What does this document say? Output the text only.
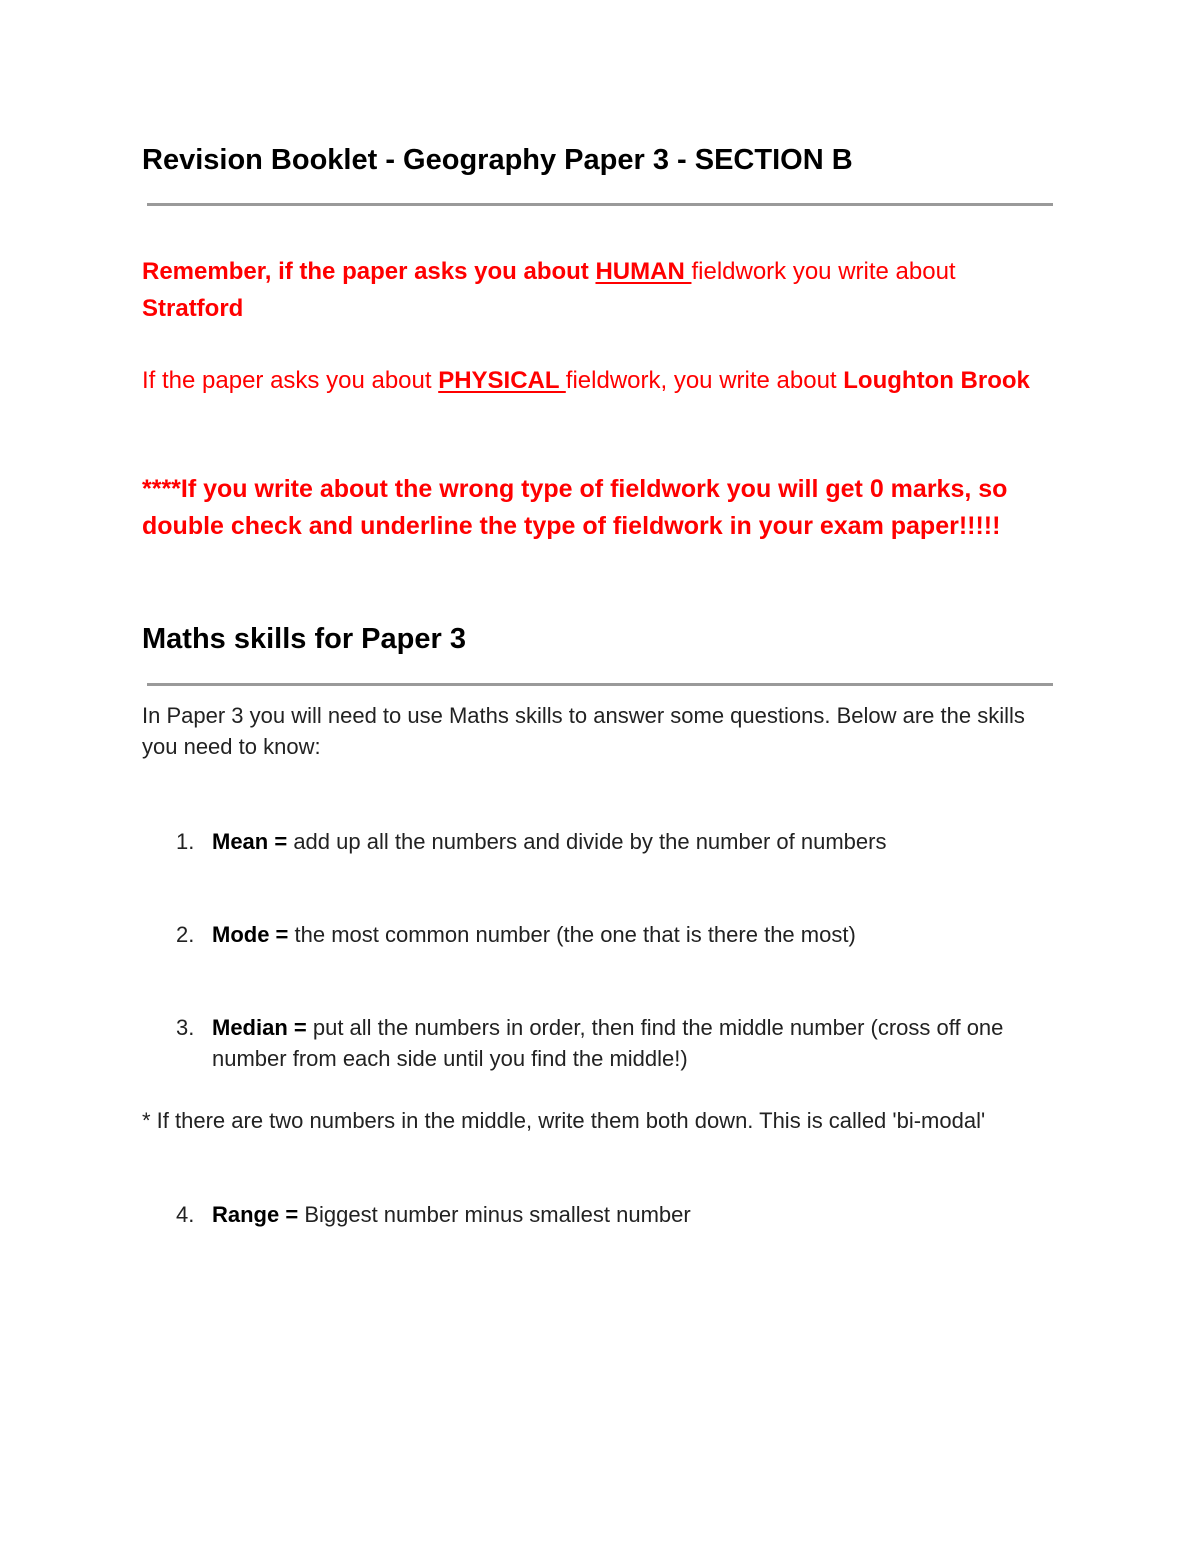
Revision Booklet - Geography Paper 3 - SECTION B

Remember, if the paper asks you about HUMAN fieldwork you write about Stratford

If the paper asks you about PHYSICAL fieldwork, you write about Loughton Brook

****If you write about the wrong type of fieldwork you will get 0 marks, so double check and underline the type of fieldwork in your exam paper!!!!!

Maths skills for Paper 3

In Paper 3 you will need to use Maths skills to answer some questions. Below are the skills you need to know:

1. Mean = add up all the numbers and divide by the number of numbers
2. Mode = the most common number (the one that is there the most)
3. Median = put all the numbers in order, then find the middle number (cross off one number from each side until you find the middle!)

* If there are two numbers in the middle, write them both down. This is called 'bi-modal'

4. Range = Biggest number minus smallest number
